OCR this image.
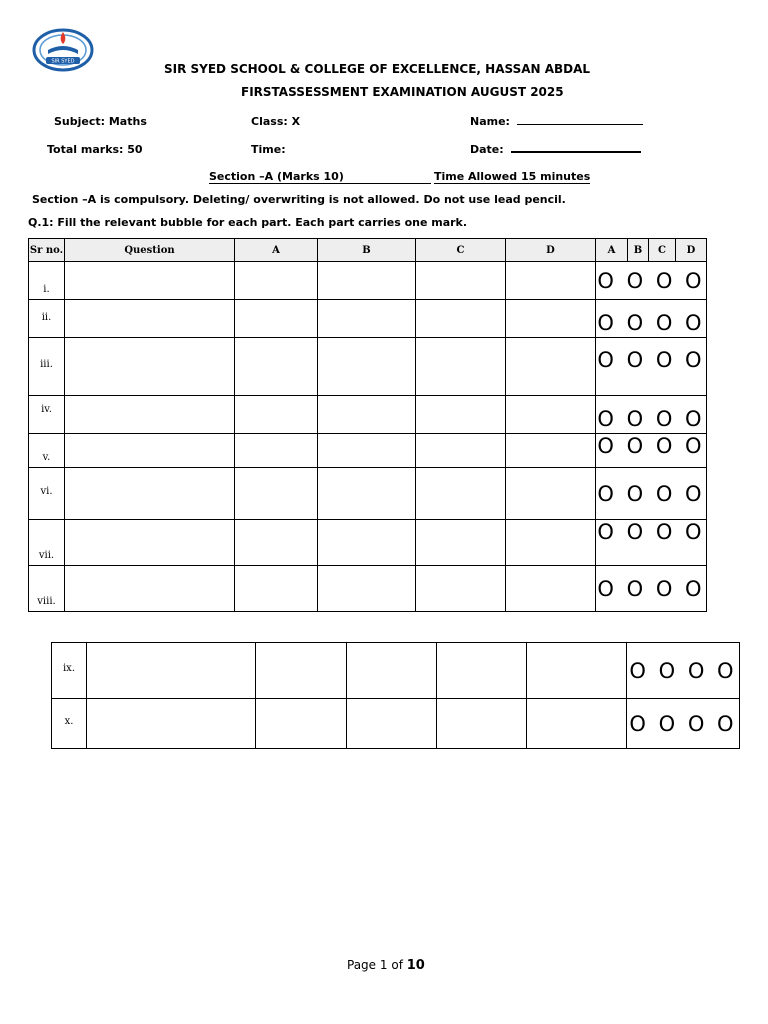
SIR SYED
SIR SYED SCHOOL & COLLEGE OF EXCELLENCE, HASSAN ABDAL
FIRSTASSESSMENT EXAMINATION AUGUST 2025
Subject: Maths	Class: X	Name:
Total marks: 50	Time:	Date:
Section –A (Marks 10)	Time Allowed 15 minutes
Section –A is compulsory. Deleting/ overwriting is not allowed. Do not use lead pencil.
Q.1: Fill the relevant bubble for each part. Each part carries one mark.
Sr no.	Question	A	B	C	D	A	B	C	D
i.						O O O O			
ii.						O O O O			
iii.						O O O O			
iv.						O O O O			
v.						O O O O			
vi.						O O O O			
vii.						O O O O			
viii.						O O O O			
ix.						O O O O
x.						O O O O
Page 1 of 10
